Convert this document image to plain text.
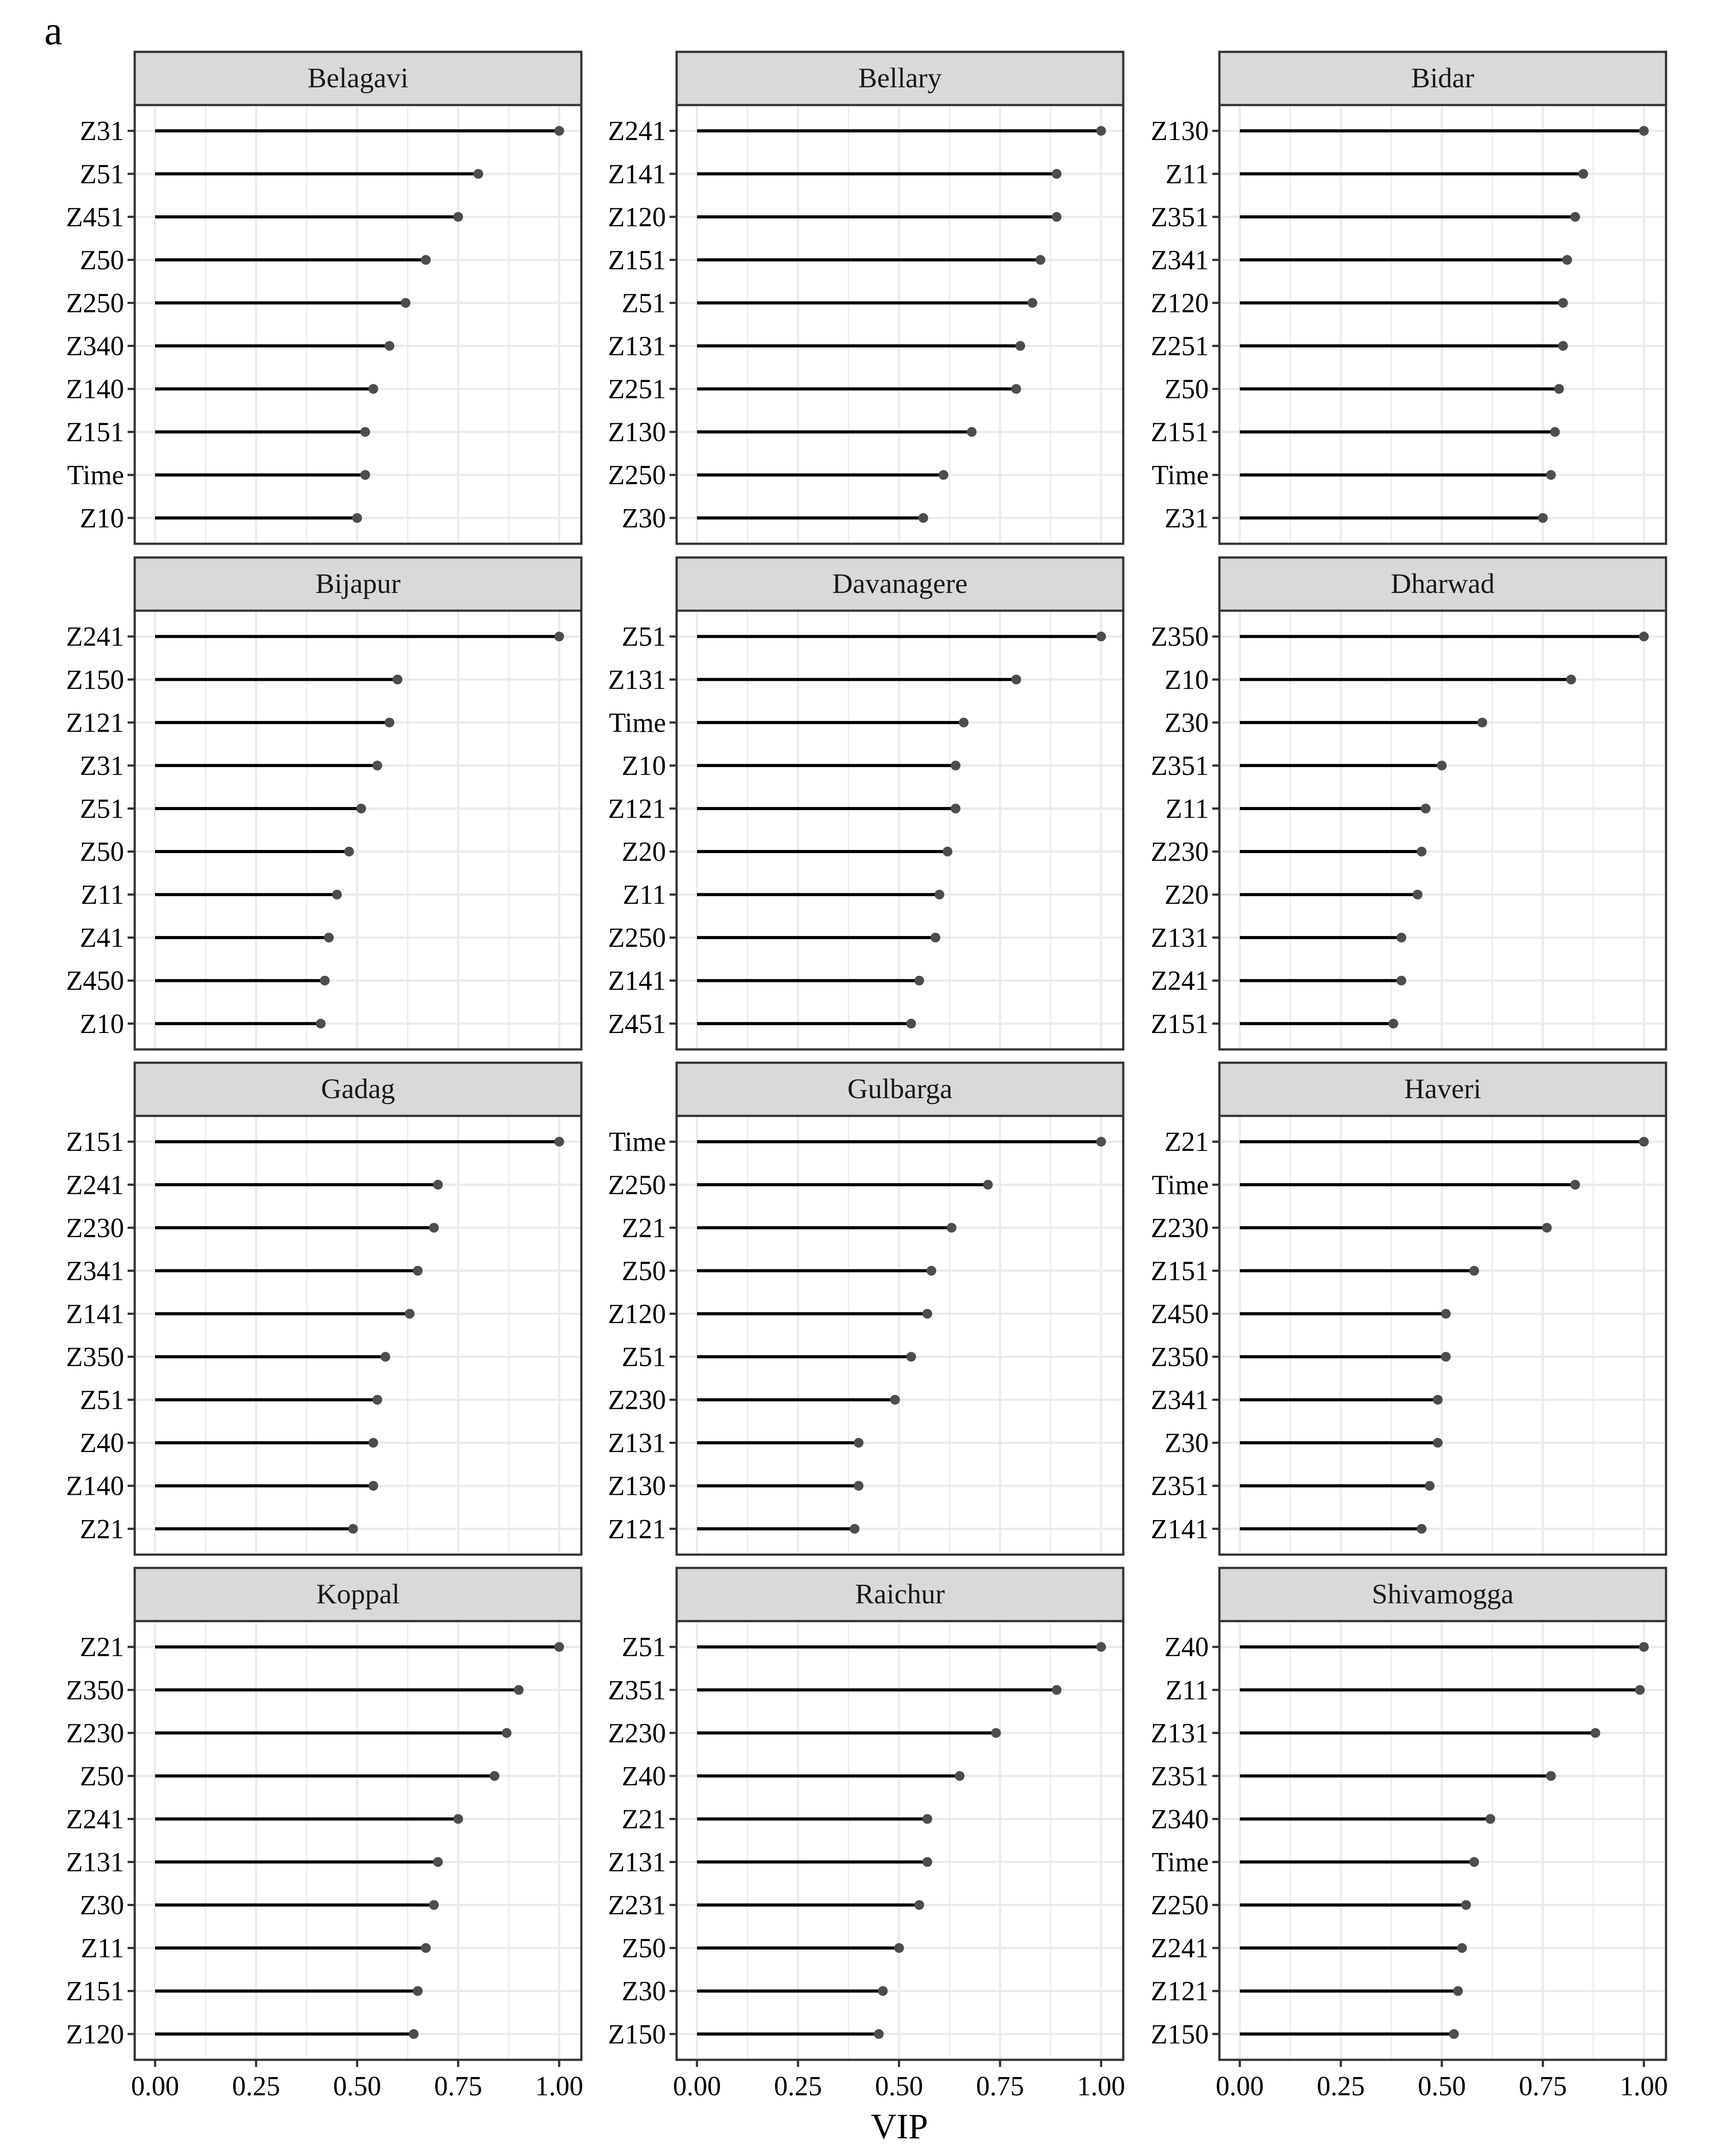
a
Belagavi
Z31
Z51
Z451
Z50
Z250
Z340
Z140
Z151
Time
Z10
Bellary
Z241
Z141
Z120
Z151
Z51
Z131
Z251
Z130
Z250
Z30
Bidar
Z130
Z11
Z351
Z341
Z120
Z251
Z50
Z151
Time
Z31
Bijapur
Z241
Z150
Z121
Z31
Z51
Z50
Z11
Z41
Z450
Z10
Davanagere
Z51
Z131
Time
Z10
Z121
Z20
Z11
Z250
Z141
Z451
Dharwad
Z350
Z10
Z30
Z351
Z11
Z230
Z20
Z131
Z241
Z151
Gadag
Z151
Z241
Z230
Z341
Z141
Z350
Z51
Z40
Z140
Z21
Gulbarga
Time
Z250
Z21
Z50
Z120
Z51
Z230
Z131
Z130
Z121
Haveri
Z21
Time
Z230
Z151
Z450
Z350
Z341
Z30
Z351
Z141
Koppal
Z21
Z350
Z230
Z50
Z241
Z131
Z30
Z11
Z151
Z120
Raichur
Z51
Z351
Z230
Z40
Z21
Z131
Z231
Z50
Z30
Z150
Shivamogga
Z40
Z11
Z131
Z351
Z340
Time
Z250
Z241
Z121
Z150
0.00 0.25 0.50 0.75 1.00	0.00 0.25 0.50 0.75 1.00	0.00 0.25 0.50 0.75 1.00
VIP
